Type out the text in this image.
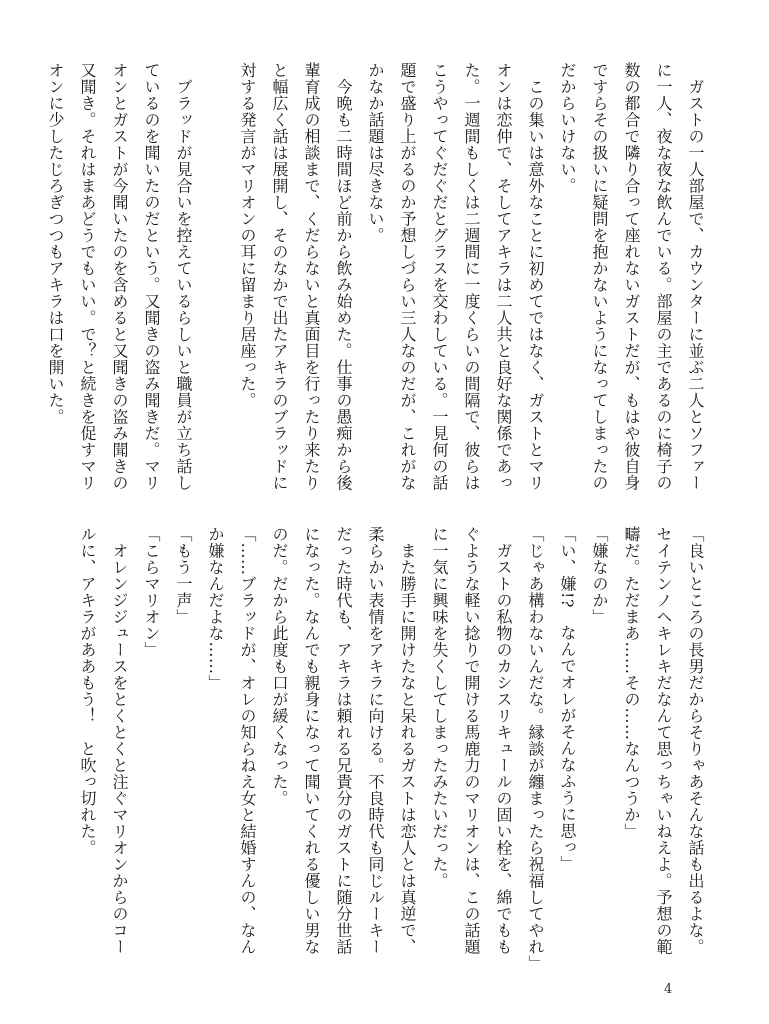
　ガストの一人部屋で、カウンターに並ぶ二人とソファーに一人、夜な夜な飲んでいる。部屋の主であるのに椅子の数の都合で隣り合って座れないガストだが、もはや彼自身ですらその扱いに疑問を抱かないようになってしまったのだからいけない。

　この集いは意外なことに初めてではなく、ガストとマリオンは恋仲で、そしてアキラは二人共と良好な関係であった。一週間もしくは二週間に一度くらいの間隔で、彼らはこうやってぐだぐだとグラスを交わしている。一見何の話題で盛り上がるのか予想しづらい三人なのだが、これがなかなか話題は尽きない。

　今晩も二時間ほど前から飲み始めた。仕事の愚痴から後輩育成の相談まで、くだらないと真面目を行ったり来たりと幅広く話は展開し、そのなかで出たアキラのブラッドに対する発言がマリオンの耳に留まり居座った。

　ブラッドが見合いを控えているらしいと職員が立ち話しているのを聞いたのだという。又聞きの盗み聞きだ。マリオンとガストが今聞いたのを含めると又聞きの盗み聞きの又聞き。それはまあどうでもいい。で？と続きを促すマリオンに少したじろぎつつもアキラは口を開いた。

「良いところの長男だからそりゃあそんな話も出るよな。セイテンノヘキレキだなんて思っちゃいねえよ。予想の範疇だ。ただまあ……その……なんつうか」

「嫌なのか」

「い、嫌!?　なんでオレがそんなふうに思っ」

「じゃあ構わないんだな。縁談が纏まったら祝福してやれ」

　ガストの私物のカシスリキュールの固い栓を、綿でももぐような軽い捻りで開ける馬鹿力のマリオンは、この話題に一気に興味を失くしてしまったみたいだった。

　また勝手に開けたなと呆れるガストは恋人とは真逆で、柔らかい表情をアキラに向ける。不良時代も同じルーキーだった時代も、アキラは頼れる兄貴分のガストに随分世話になった。なんでも親身になって聞いてくれる優しい男なのだ。だから此度も口が緩くなった。

「……ブラッドが、オレの知らねえ女と結婚すんの、なんか嫌なんだよな……」

「もう一声」

「こらマリオン」

　オレンジジュースをとくとくと注ぐマリオンからのコールに、アキラがああもう！　と吹っ切れた。

4
